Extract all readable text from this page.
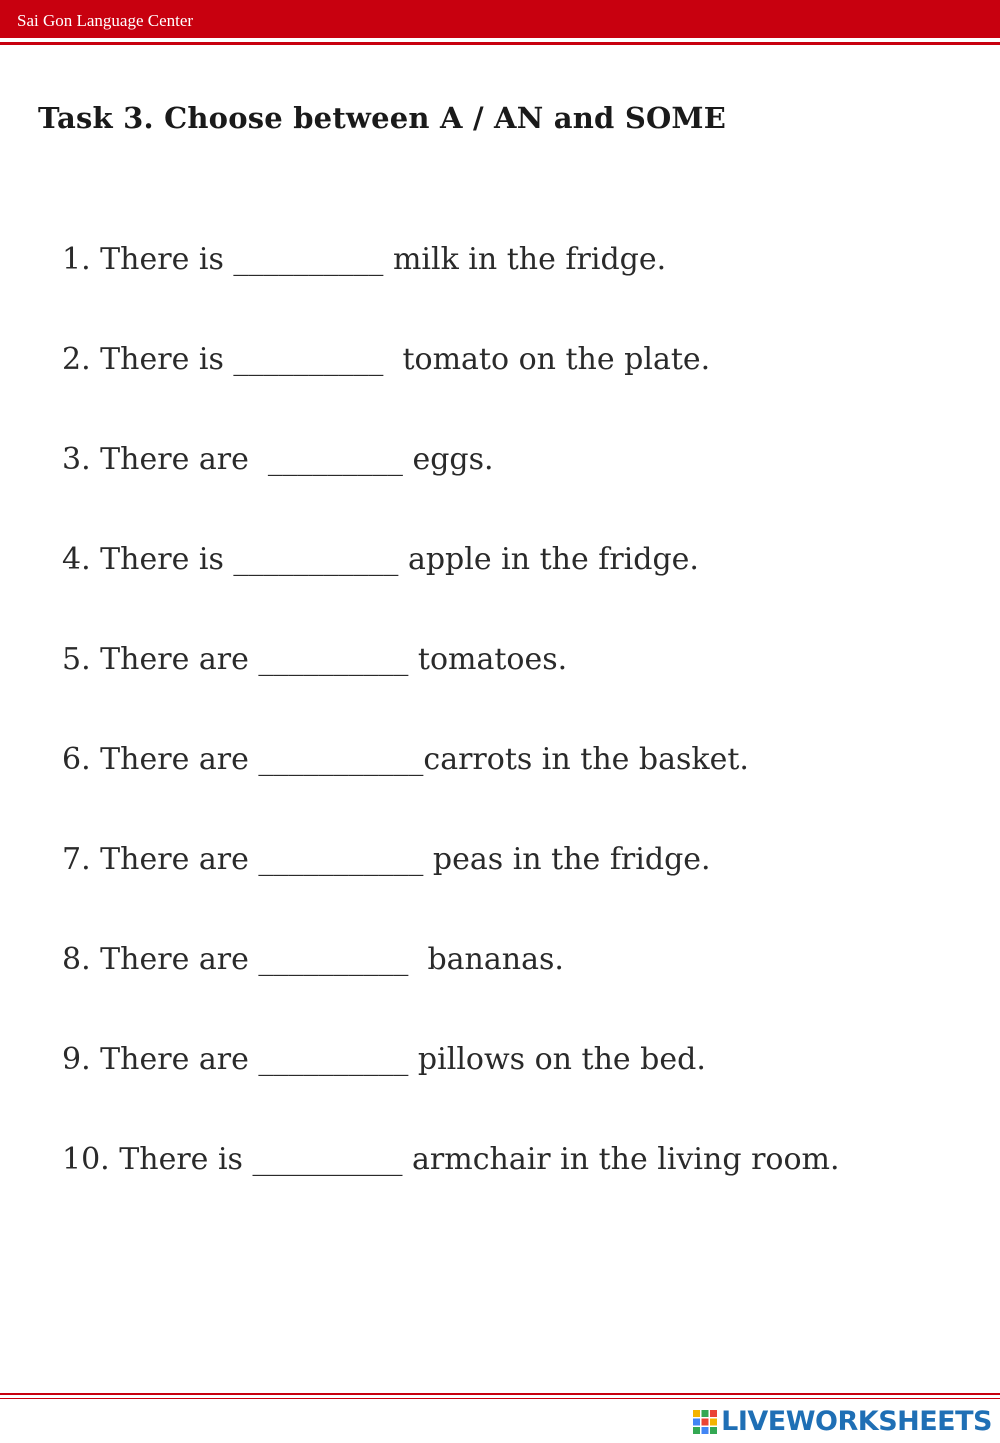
Sai Gon Language Center
Task 3. Choose between A / AN and SOME
1. There is __________ milk in the fridge.
2. There is __________  tomato on the plate.
3. There are  _________ eggs.
4. There is ___________ apple in the fridge.
5. There are __________ tomatoes.
6. There are ___________carrots in the basket.
7. There are ___________ peas in the fridge.
8. There are __________  bananas.
9. There are __________ pillows on the bed.
10. There is __________ armchair in the living room.
LIVEWORKSHEETS
